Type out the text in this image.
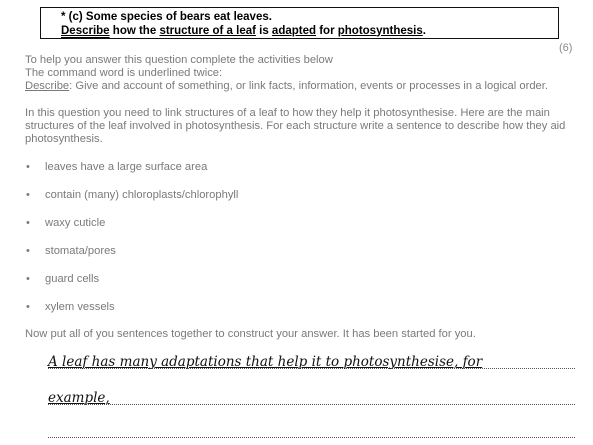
* (c) Some species of bears eat leaves.
Describe how the structure of a leaf is adapted for photosynthesis.
(6)
To help you answer this question complete the activities below
The command word is underlined twice:
Describe: Give and account of something, or link facts, information, events or processes in a logical order.
In this question you need to link structures of a leaf to how they help it photosynthesise. Here are the main structures of the leaf involved in photosynthesis. For each structure write a sentence to describe how they aid photosynthesis.
• leaves have a large surface area
• contain (many) chloroplasts/chlorophyll
• waxy cuticle
• stomata/pores
• guard cells
• xylem vessels
Now put all of you sentences together to construct your answer. It has been started for you.
A leaf has many adaptations that help it to photosynthesise, for
example,
